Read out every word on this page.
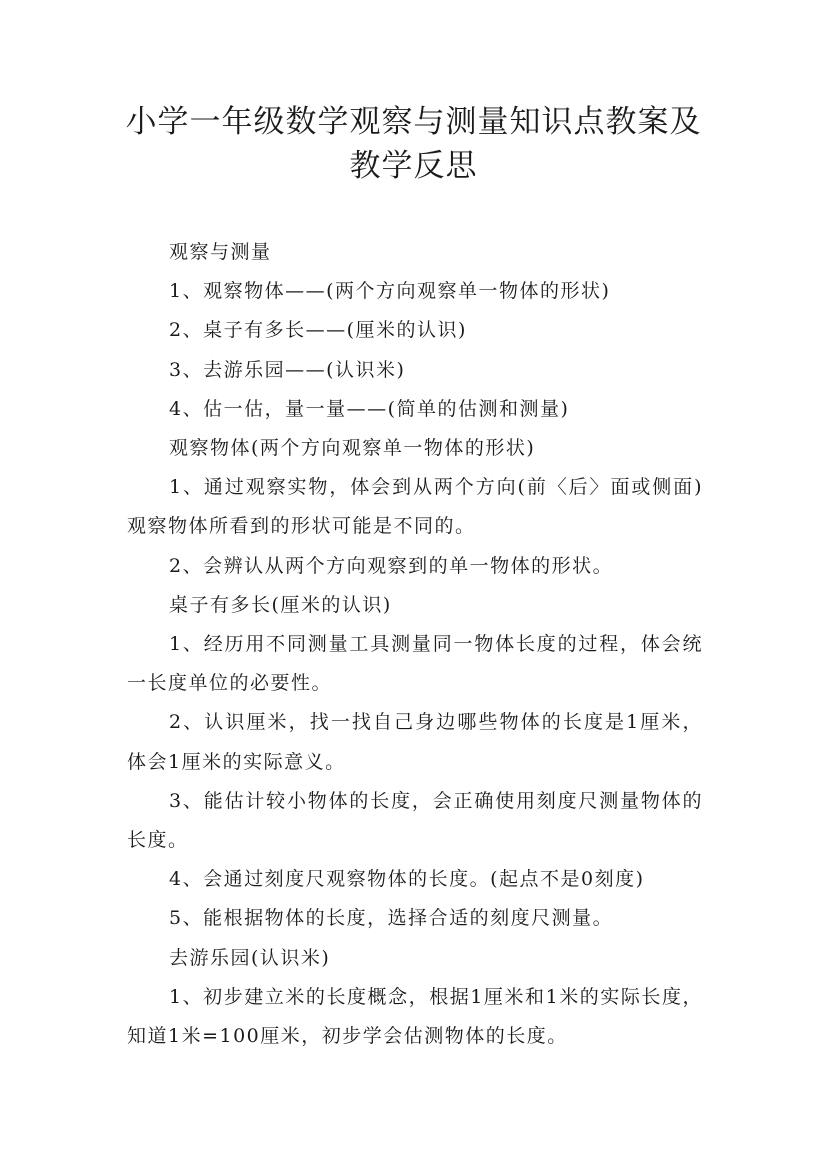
小学一年级数学观察与测量知识点教案及
教学反思

观察与测量

1、观察物体——(两个方向观察单一物体的形状)

2、桌子有多长——(厘米的认识)

3、去游乐园——(认识米)

4、估一估，量一量——(简单的估测和测量)

观察物体(两个方向观察单一物体的形状)

1、通过观察实物，体会到从两个方向(前〈后〉面或侧面)观察物体所看到的形状可能是不同的。

2、会辨认从两个方向观察到的单一物体的形状。

桌子有多长(厘米的认识)

1、经历用不同测量工具测量同一物体长度的过程，体会统一长度单位的必要性。

2、认识厘米，找一找自己身边哪些物体的长度是1厘米，体会1厘米的实际意义。

3、能估计较小物体的长度，会正确使用刻度尺测量物体的长度。

4、会通过刻度尺观察物体的长度。(起点不是0刻度)

5、能根据物体的长度，选择合适的刻度尺测量。

去游乐园(认识米)

1、初步建立米的长度概念，根据1厘米和1米的实际长度，知道1米=100厘米，初步学会估测物体的长度。
